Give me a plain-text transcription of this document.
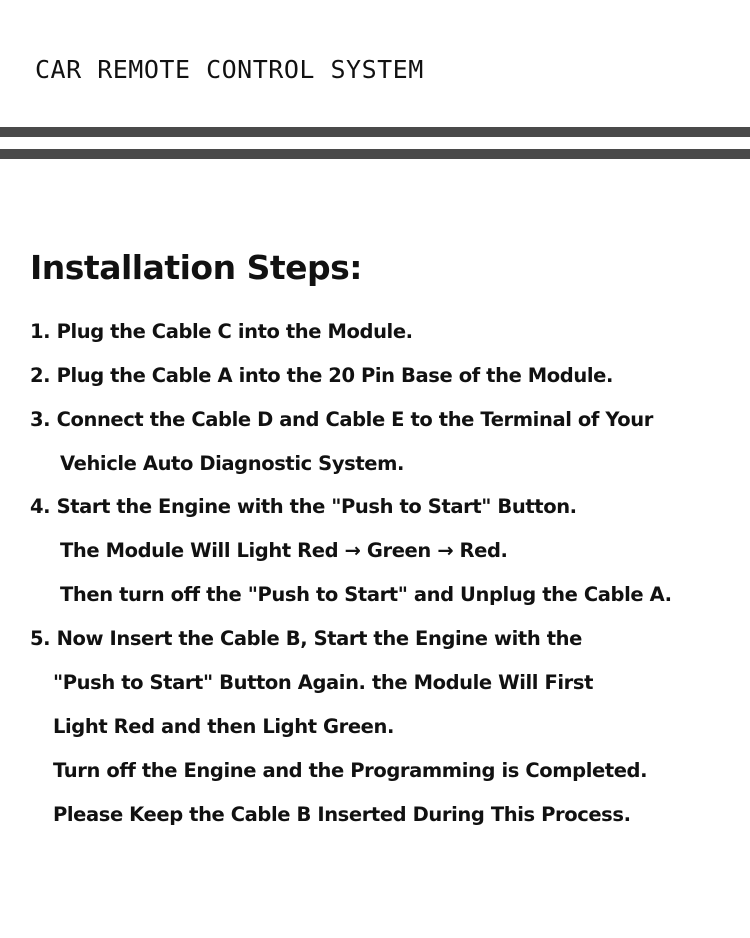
CAR REMOTE CONTROL SYSTEM
Installation Steps:
1. Plug the Cable C into the Module.
2. Plug the Cable A into the 20 Pin Base of the Module.
3. Connect the Cable D and Cable E to the Terminal of Your
Vehicle Auto Diagnostic System.
4. Start the Engine with the "Push to Start" Button.
The Module Will Light Red → Green → Red.
Then turn off the "Push to Start" and Unplug the Cable A.
5. Now Insert the Cable B, Start the Engine with the
"Push to Start" Button Again. the Module Will First
Light Red and then Light Green.
Turn off the Engine and the Programming is Completed.
Please Keep the Cable B Inserted During This Process.
